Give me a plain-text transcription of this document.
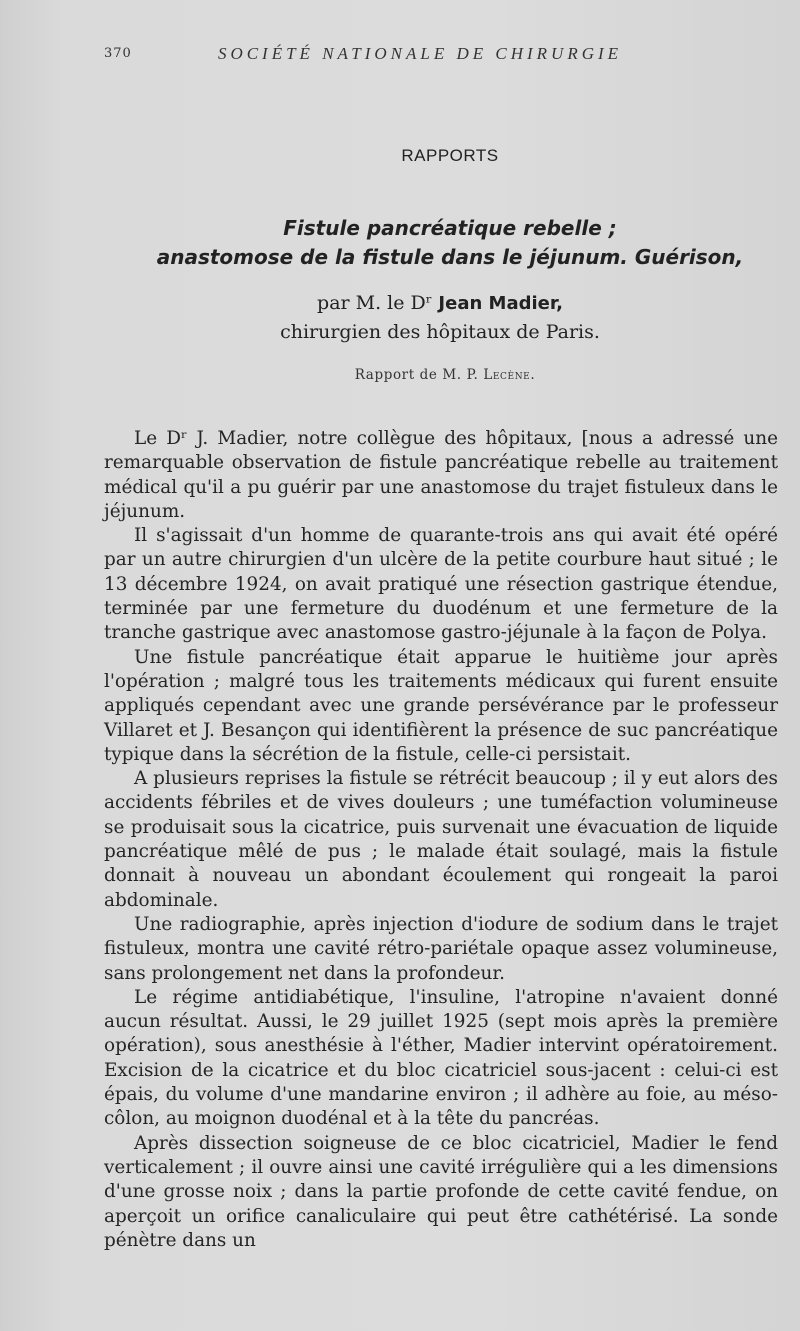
370	SOCIÉTÉ NATIONALE DE CHIRURGIE
RAPPORTS
Fistule pancréatique rebelle ;
anastomose de la fistule dans le jéjunum. Guérison,
par M. le Dʳ Jean Madier,
chirurgien des hôpitaux de Paris.
Rapport de M. P. Lecène.

Le Dʳ J. Madier, notre collègue des hôpitaux, [nous a adressé une remarquable observation de fistule pancréatique rebelle au traitement médical qu'il a pu guérir par une anastomose du trajet fistuleux dans le jéjunum.

Il s'agissait d'un homme de quarante-trois ans qui avait été opéré par un autre chirurgien d'un ulcère de la petite courbure haut situé ; le 13 décembre 1924, on avait pratiqué une résection gastrique étendue, terminée par une fermeture du duodénum et une fermeture de la tranche gastrique avec anastomose gastro-jéjunale à la façon de Polya.

Une fistule pancréatique était apparue le huitième jour après l'opération ; malgré tous les traitements médicaux qui furent ensuite appliqués cependant avec une grande persévérance par le professeur Villaret et J. Besançon qui identifièrent la présence de suc pancréatique typique dans la sécrétion de la fistule, celle-ci persistait.

A plusieurs reprises la fistule se rétrécit beaucoup ; il y eut alors des accidents fébriles et de vives douleurs ; une tuméfaction volumineuse se produisait sous la cicatrice, puis survenait une évacuation de liquide pancréatique mêlé de pus ; le malade était soulagé, mais la fistule donnait à nouveau un abondant écoulement qui rongeait la paroi abdominale.

Une radiographie, après injection d'iodure de sodium dans le trajet fistuleux, montra une cavité rétro-pariétale opaque assez volumineuse, sans prolongement net dans la profondeur.

Le régime antidiabétique, l'insuline, l'atropine n'avaient donné aucun résultat. Aussi, le 29 juillet 1925 (sept mois après la première opération), sous anesthésie à l'éther, Madier intervint opératoirement. Excision de la cicatrice et du bloc cicatriciel sous-jacent : celui-ci est épais, du volume d'une mandarine environ ; il adhère au foie, au méso-côlon, au moignon duodénal et à la tête du pancréas.

Après dissection soigneuse de ce bloc cicatriciel, Madier le fend verticalement ; il ouvre ainsi une cavité irrégulière qui a les dimensions d'une grosse noix ; dans la partie profonde de cette cavité fendue, on aperçoit un orifice canaliculaire qui peut être cathétérisé. La sonde pénètre dans un
